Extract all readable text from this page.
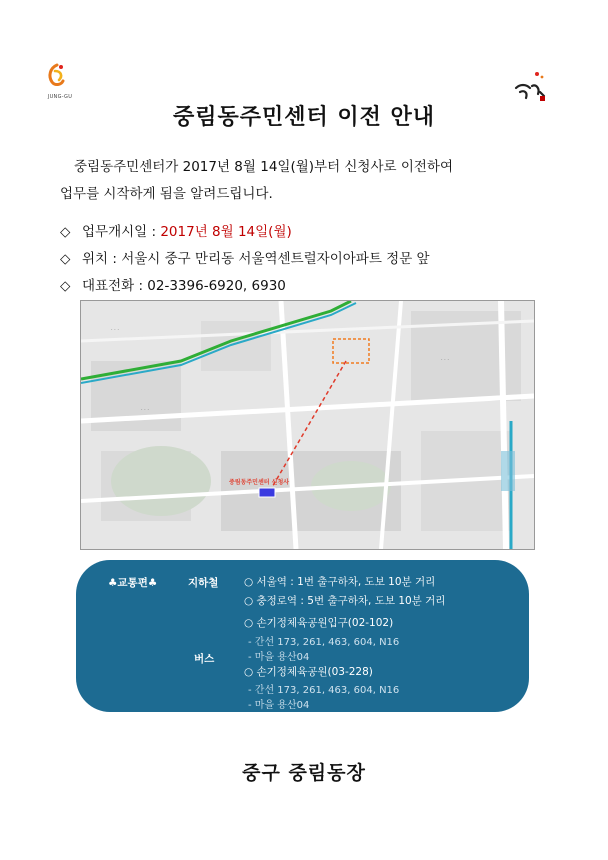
JUNG-GU
중림동주민센터 이전 안내

중림동주민센터가 2017년 8월 14일(월)부터 신청사로 이전하여

업무를 시작하게 됨을 알려드립니다.

◇ 업무개시일 : 2017년 8월 14일(월)
◇ 위치 : 서울시 중구 만리동 서울역센트럴자이아파트 정문 앞
◇ 대표전화 : 02-3396-6920, 6930
· · ·
· · ·
· · ·
중림동주민센터 신청사
♣교통편♣	지하철 ○ 서울역 : 1번 출구하차, 도보 10분 거리
○ 충정로역 : 5번 출구하차, 도보 10분 거리
버스
○ 손기정체육공원입구(02-102)
- 간선 173, 261, 463, 604, N16
- 마을 용산04
○ 손기정체육공원(03-228)
- 간선 173, 261, 463, 604, N16
- 마을 용산04
중구 중림동장
